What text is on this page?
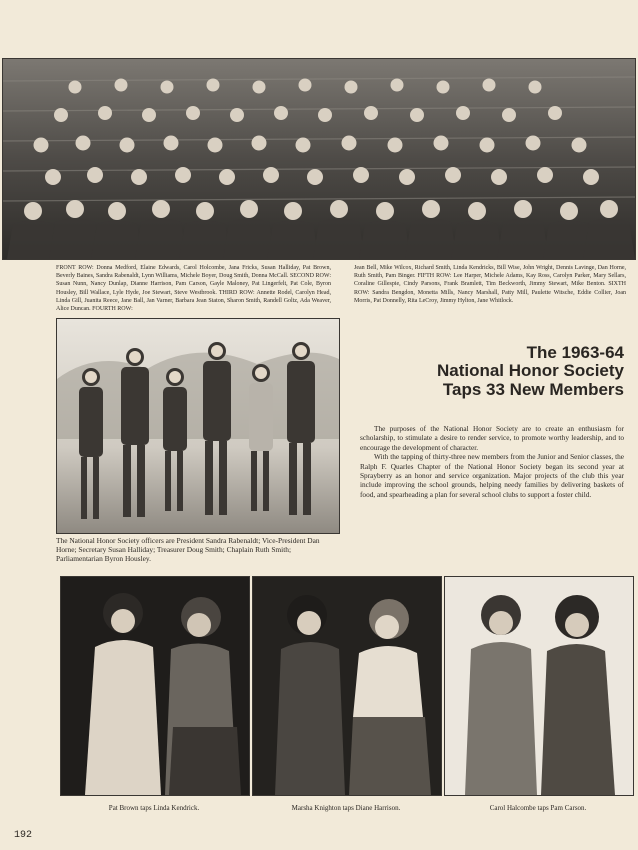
FRONT ROW: Donna Medford, Elaine Edwards, Carol Holcombe, Jana Fricks, Susan Halliday, Pat Brown, Beverly Baines, Sandra Rabenaldt, Lynn Williams, Michele Boyer, Doug Smith, Donna McCall. SECOND ROW: Susan Nunn, Nancy Dunlap, Dianne Harrison, Pam Carson, Gayle Maloney, Pat Lingerfelt, Pat Cole, Byron Housley, Bill Wallace, Lyle Hyde, Joe Stewart, Steve Westbrook. THIRD ROW: Annette Rodel, Carolyn Head, Linda Gill, Juanita Reece, Jane Ball, Jan Varner, Barbara Jean Staton, Sharon Smith, Randell Goltz, Ada Weaver, Alice Duncan. FOURTH ROW:
Jean Bell, Mike Wilcox, Richard Smith, Linda Kendricks, Bill Wise, John Wright, Dennis Lavinge, Dan Horne, Ruth Smith, Pam Binger. FIFTH ROW: Lee Harper, Michele Adams, Kay Ross, Carolyn Parker, Mary Sellars, Coraline Gillespie, Cindy Parsons, Frank Bramlett, Tim Beckworth, Jimmy Stewart, Mike Benton. SIXTH ROW: Sandra Bengdon, Monetta Mills, Nancy Marshall, Patty Mill, Paulette Witsche, Eddie Collier, Joan Morris, Pat Donnelly, Rita LeCroy, Jimmy Hylton, Jane Whitlock.
The National Honor Society officers are President Sandra Rabenaldt; Vice-President Dan Horne; Secretary Susan Halliday; Treasurer Doug Smith; Chaplain Ruth Smith; Parliamentarian Byron Housley.
The 1963-64
National Honor Society
Taps 33 New Members

The purposes of the National Honor Society are to create an enthusiasm for scholarship, to stimulate a desire to render service, to promote worthy leadership, and to encourage the development of character.

With the tapping of thirty-three new members from the Junior and Senior classes, the Ralph F. Quarles Chapter of the National Honor Society began its second year at Sprayberry as an honor and service organization. Major projects of the club this year include improving the school grounds, helping needy families by delivering baskets of food, and spearheading a plan for several school clubs to support a foster child.

Pat Brown taps Linda Kendrick.	Marsha Knighton taps Diane Harrison.	Carol Halcombe taps Pam Carson.
192
